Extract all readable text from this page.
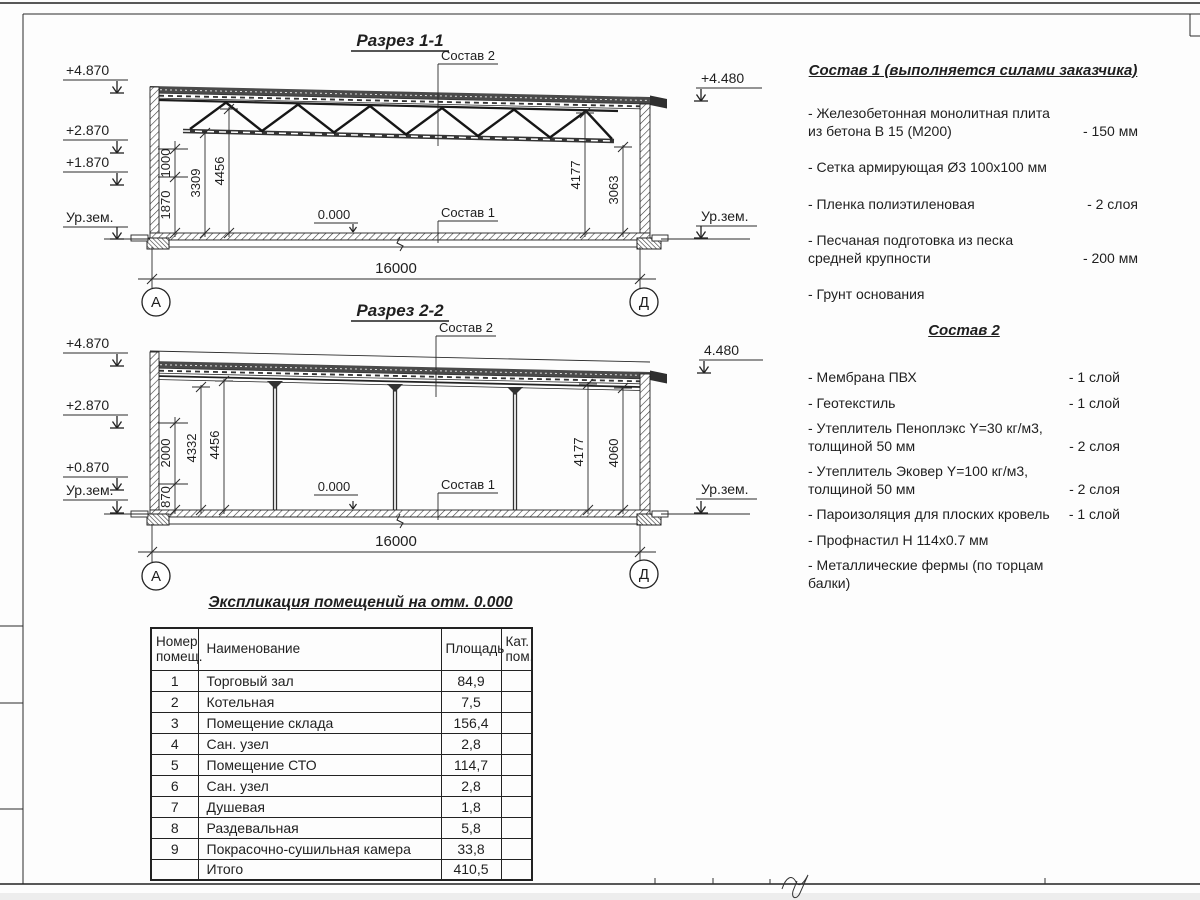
Разрез 1-1
+4.870
+2.870
+1.870
Ур.зем.
+4.480
Ур.зем.
1000
1870
3309 4456	4177
3063
0.000	Состав 1
Состав 2
16000
А	Д
Разрез 2-2
+4.870
+2.870
+0.870
Ур.зем.
4.480
Ур.зем.
2000
870
4332 4456	4177 4060
0.000	Состав 1
Состав 2
16000
А	Д
Состав 1 (выполняется силами заказчика)
- Железобетонная монолитная плита из бетона В 15 (М200)	- 150 мм
- Сетка армирующая Ø3 100х100 мм
- Пленка полиэтиленовая	- 2 слоя
- Песчаная подготовка из песка средней крупности	- 200 мм
- Грунт основания
Состав 2
- Мембрана ПВХ	- 1 слой
- Геотекстиль	- 1 слой
- Утеплитель Пеноплэкс Y=30 кг/м3, толщиной 50 мм	- 2 слоя
- Утеплитель Эковер Y=100 кг/м3, толщиной 50 мм	- 2 слоя
- Пароизоляция для плоских кровель - 1 слой
- Профнастил Н 114х0.7 мм
- Металлические фермы (по торцам балки)
Экспликация помещений на отм. 0.000
Номер помещ.	Наименование	Площадь	Кат. пом.
1	Торговый зал	84,9	
2	Котельная	7,5	
3	Помещение склада	156,4	
4	Сан. узел	2,8	
5	Помещение СТО	114,7	
6	Сан. узел	2,8	
7	Душевая	1,8	
8	Раздевальная	5,8	
9	Покрасочно-сушильная камера	33,8	
	Итого	410,5	
